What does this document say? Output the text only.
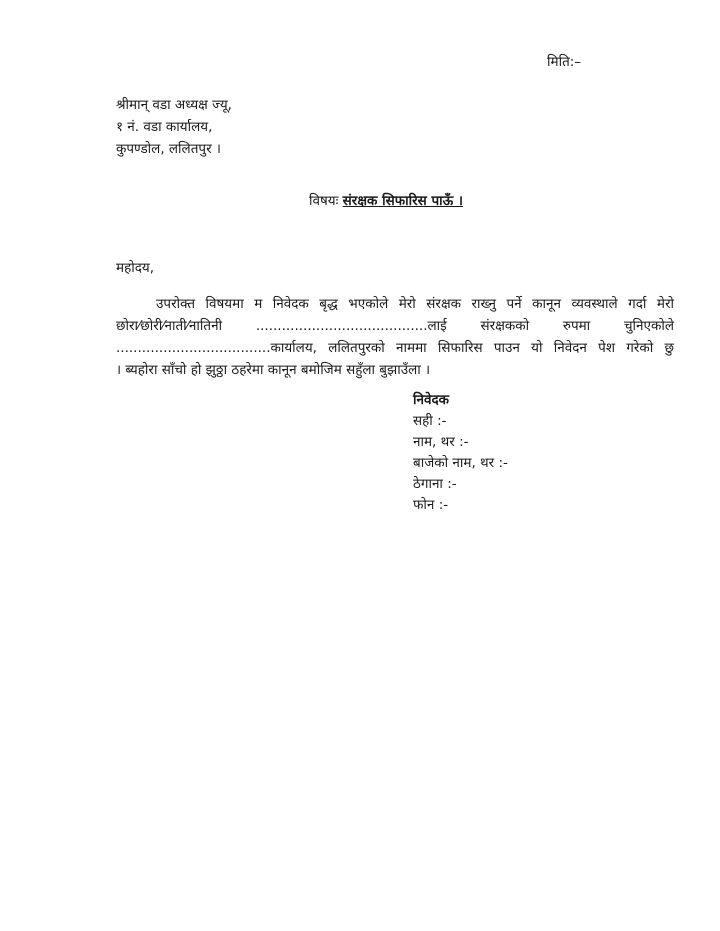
मिति:–
श्रीमान् वडा अध्यक्ष ज्यू,
१ नं. वडा कार्यालय,
कुपण्डोल, ललितपुर ।
विषयः संरक्षक सिफारिस पाऊँ ।
महोदय,
उपरोक्त विषयमा म निवेदक बृद्ध भएकोले मेरो संरक्षक राख्नु पर्ने कानून व्यवस्थाले गर्दा मेरो
छोरा⁄छोरी⁄नाती⁄नातिनी ........................................लाई संरक्षकको रुपमा चुनिएकोले
....................................कार्यालय, ललितपुरको नाममा सिफारिस पाउन यो निवेदन पेश गरेको छु
। ब्यहोरा साँचो हो झुठ्ठा ठहरेमा कानून बमोजिम सहुँला बुझाउँला ।
निवेदक
सही :-
नाम, थर :-
बाजेको नाम, थर :-
ठेगाना :-
फोन :-
